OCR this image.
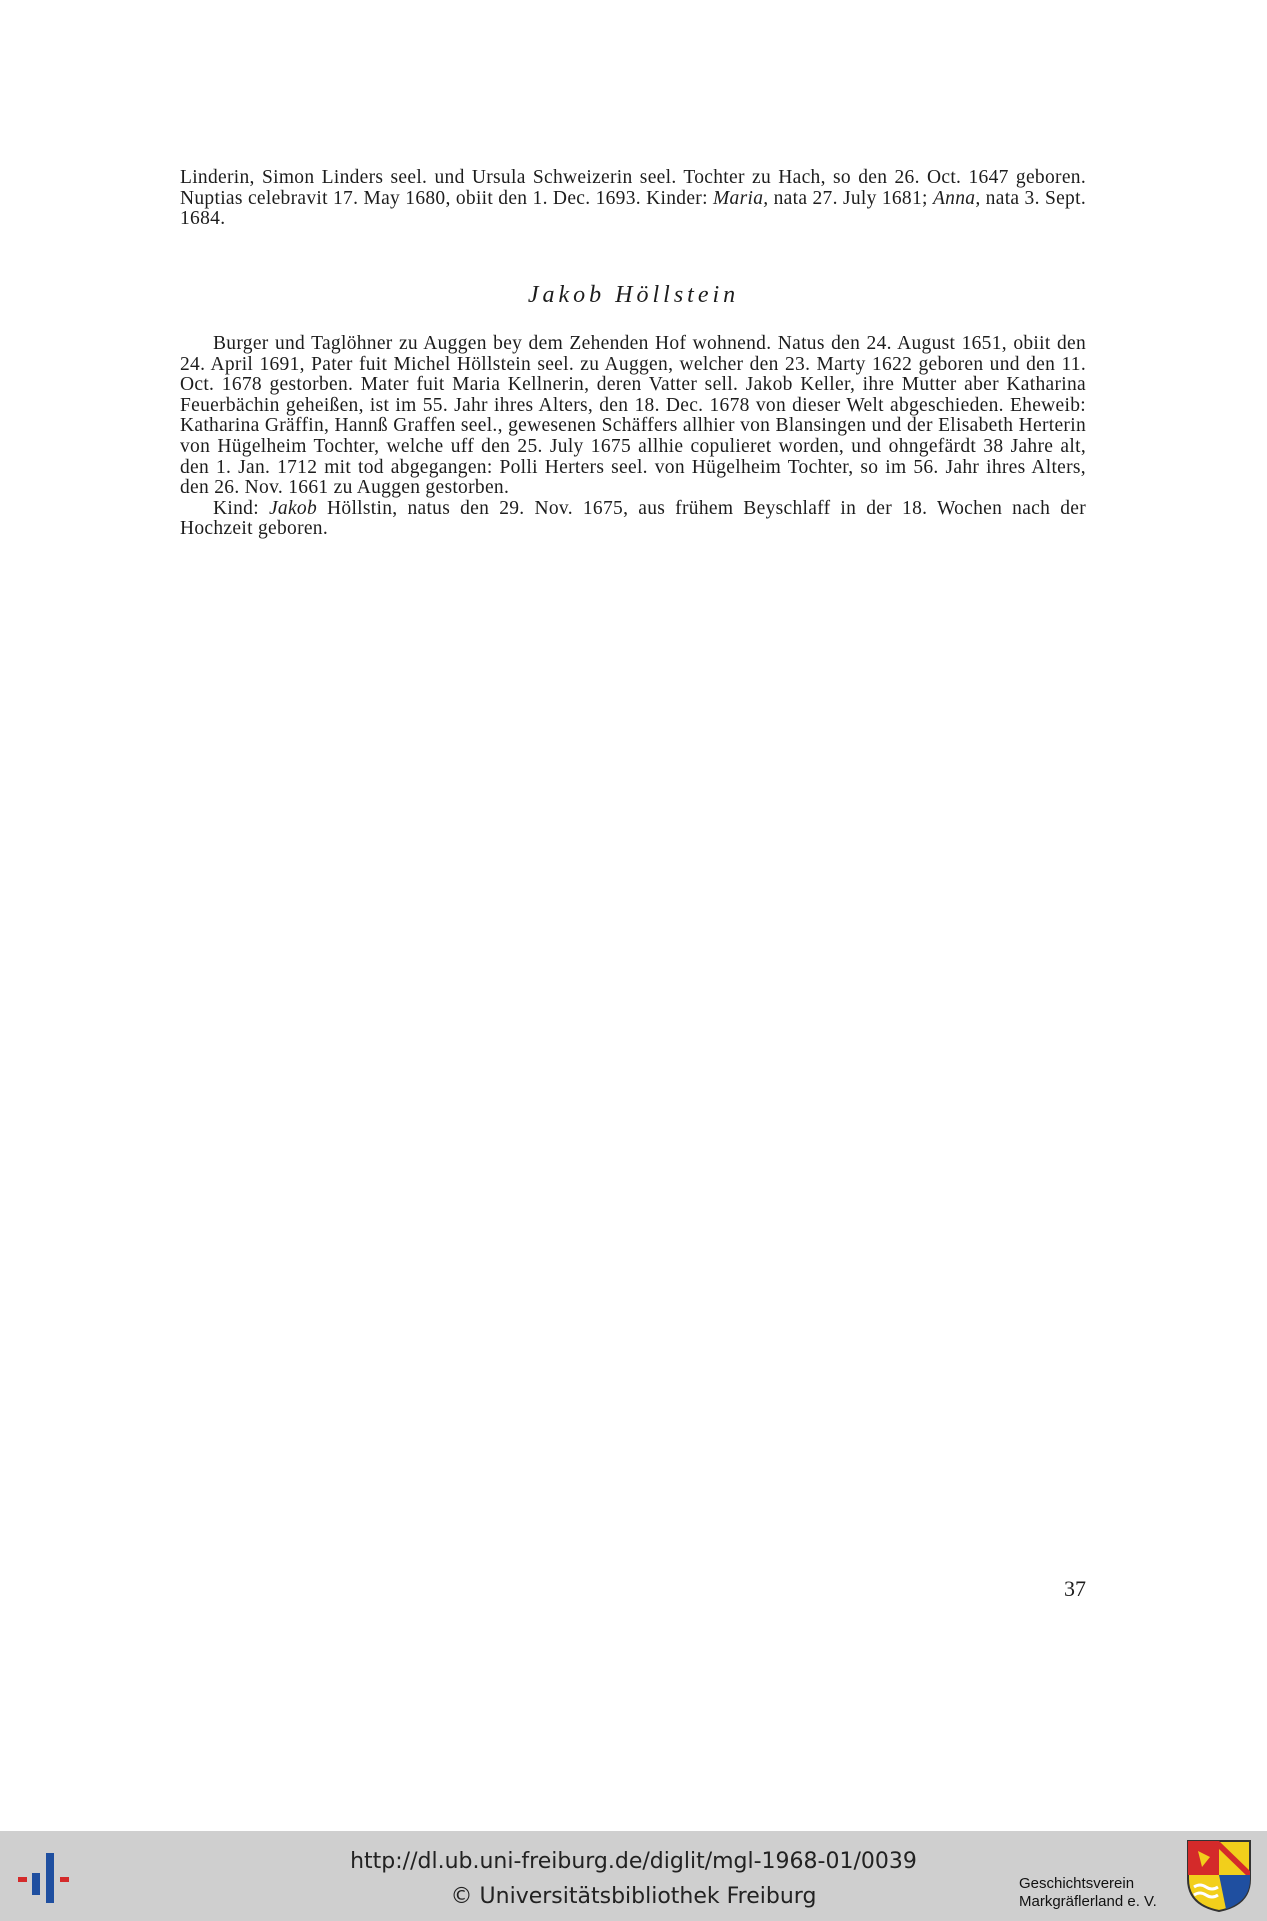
Linderin, Simon Linders seel. und Ursula Schweizerin seel. Tochter zu Hach, so den 26. Oct. 1647 geboren. Nuptias celebravit 17. May 1680, obiit den 1. Dec. 1693. Kinder: Maria, nata 27. July 1681; Anna, nata 3. Sept. 1684.

Jakob Höllstein

Burger und Taglöhner zu Auggen bey dem Zehenden Hof wohnend. Natus den 24. August 1651, obiit den 24. April 1691, Pater fuit Michel Höllstein seel. zu Auggen, welcher den 23. Marty 1622 geboren und den 11. Oct. 1678 gestorben. Mater fuit Maria Kellnerin, deren Vatter sell. Jakob Keller, ihre Mutter aber Katharina Feuerbächin geheißen, ist im 55. Jahr ihres Alters, den 18. Dec. 1678 von dieser Welt abgeschieden. Eheweib: Katharina Gräffin, Hannß Graffen seel., gewesenen Schäffers allhier von Blansingen und der Elisabeth Herterin von Hügelheim Tochter, welche uff den 25. July 1675 allhie copulieret worden, und ohngefärdt 38 Jahre alt, den 1. Jan. 1712 mit tod abgegangen: Polli Herters seel. von Hügelheim Tochter, so im 56. Jahr ihres Alters, den 26. Nov. 1661 zu Auggen gestorben.

Kind: Jakob Höllstin, natus den 29. Nov. 1675, aus frühem Beyschlaff in der 18. Wochen nach der Hochzeit geboren.

37
http://dl.ub.uni-freiburg.de/diglit/mgl-1968-01/0039
© Universitätsbibliothek Freiburg
Geschichtsverein
Markgräflerland e. V.
